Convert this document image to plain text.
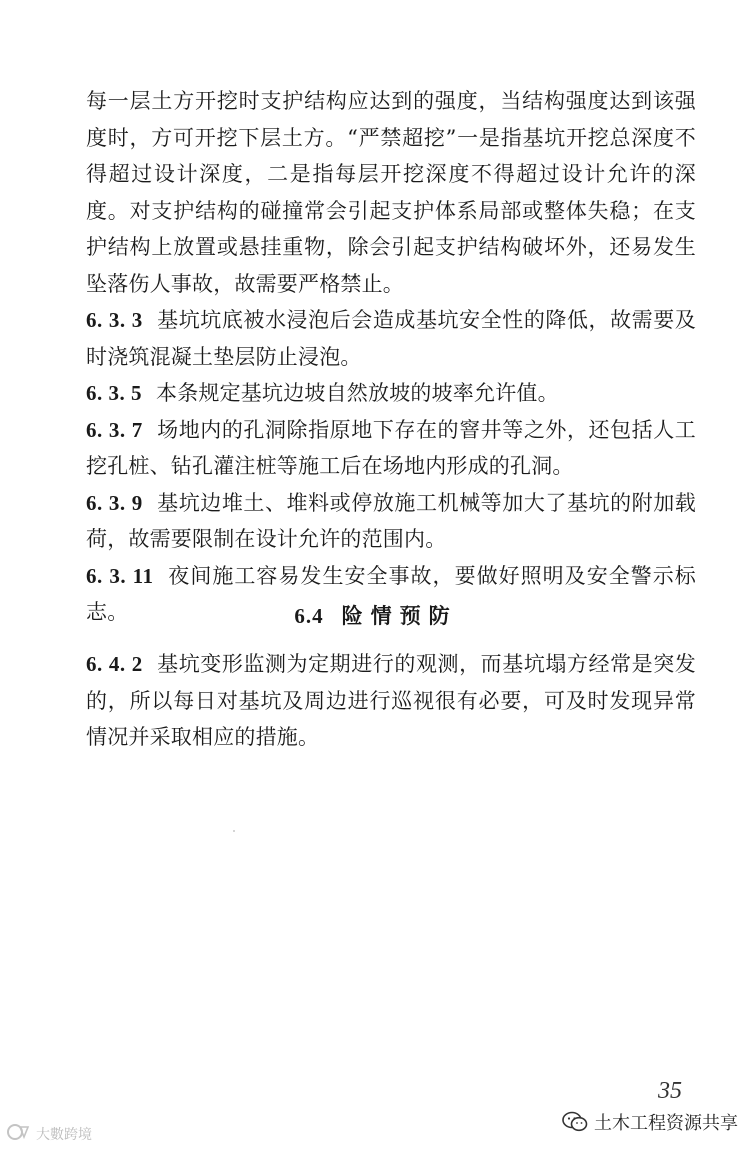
每一层土方开挖时支护结构应达到的强度，当结构强度达到该强度时，方可开挖下层土方。“严禁超挖”一是指基坑开挖总深度不得超过设计深度，二是指每层开挖深度不得超过设计允许的深度。对支护结构的碰撞常会引起支护体系局部或整体失稳；在支护结构上放置或悬挂重物，除会引起支护结构破坏外，还易发生坠落伤人事故，故需要严格禁止。

6. 3. 3 基坑坑底被水浸泡后会造成基坑安全性的降低，故需要及时浇筑混凝土垫层防止浸泡。

6. 3. 5 本条规定基坑边坡自然放坡的坡率允许值。

6. 3. 7 场地内的孔洞除指原地下存在的窨井等之外，还包括人工挖孔桩、钻孔灌注桩等施工后在场地内形成的孔洞。

6. 3. 9 基坑边堆土、堆料或停放施工机械等加大了基坑的附加载荷，故需要限制在设计允许的范围内。

6. 3. 11 夜间施工容易发生安全事故，要做好照明及安全警示标志。	6.4 险情预防

6. 4. 2 基坑变形监测为定期进行的观测，而基坑塌方经常是突发的，所以每日对基坑及周边进行巡视很有必要，可及时发现异常情况并采取相应的措施。

35
土木工程资源共享
大數跨境
